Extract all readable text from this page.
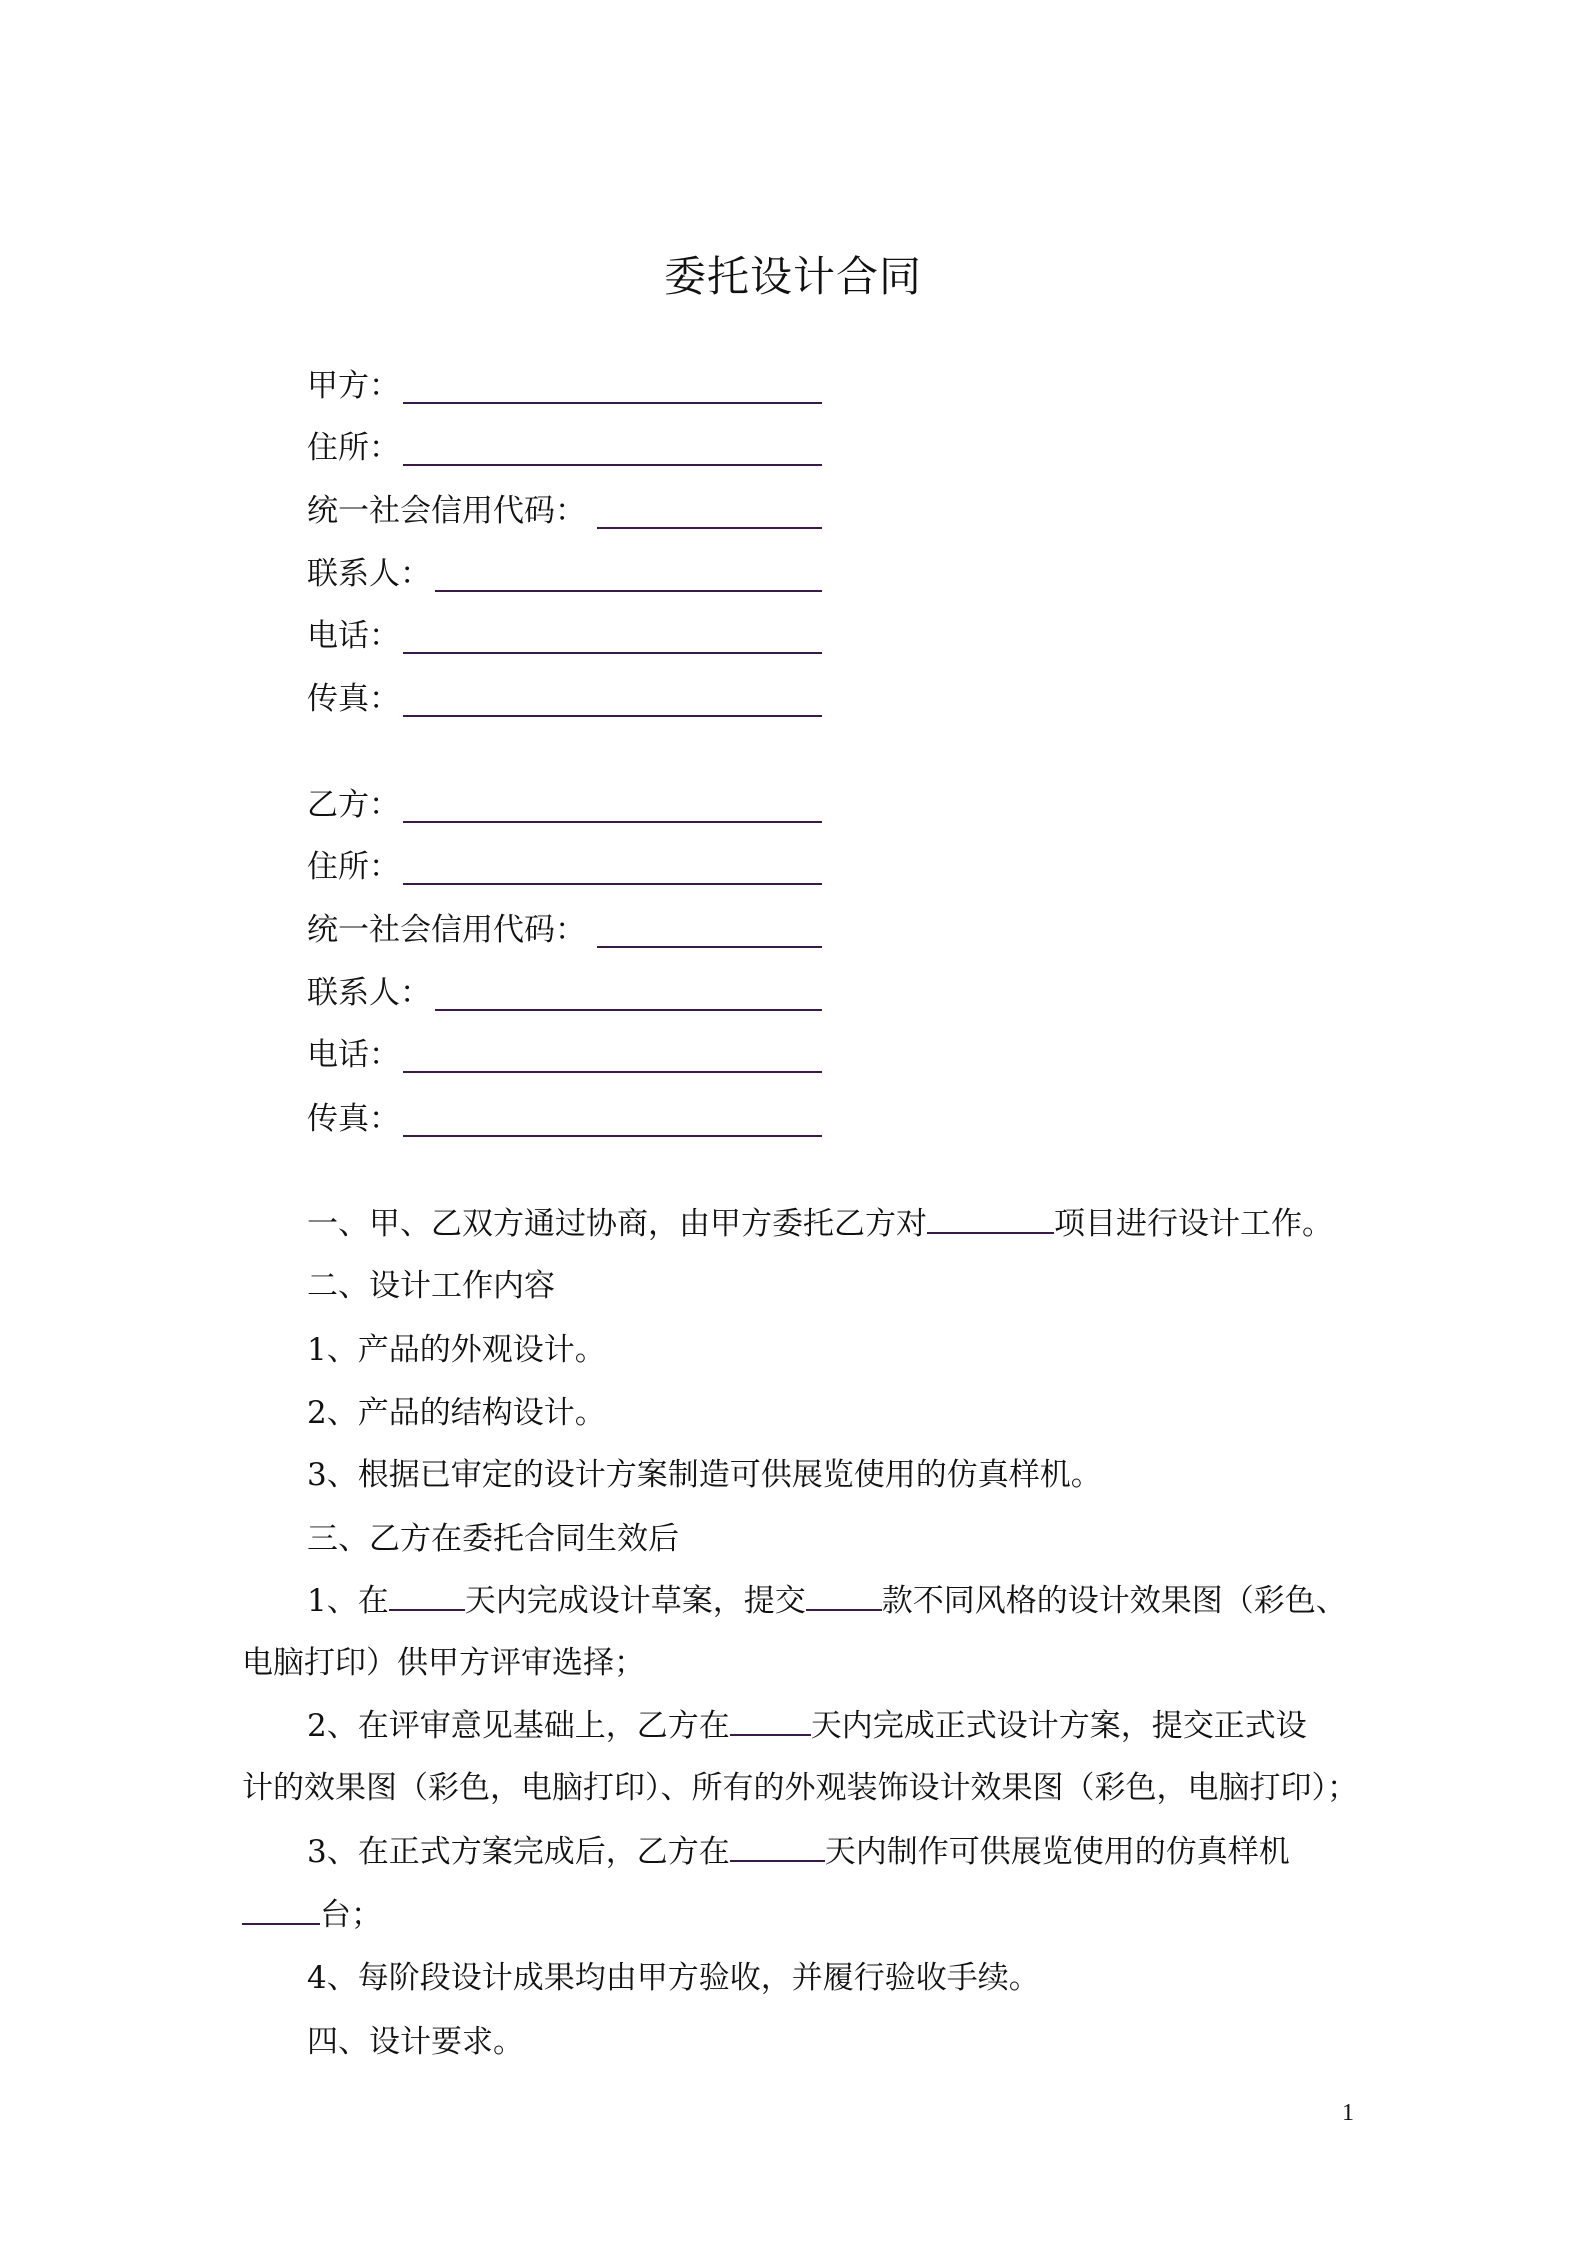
委托设计合同
甲方：
住所：
统一社会信用代码：
联系人：
电话：
传真：
乙方：
住所：
统一社会信用代码：
联系人：
电话：
传真：
一、甲、乙双方通过协商，由甲方委托乙方对	项目进行设计工作。
二、设计工作内容
1、产品的外观设计。
2、产品的结构设计。
3、根据已审定的设计方案制造可供展览使用的仿真样机。
三、乙方在委托合同生效后
1、在 天内完成设计草案，提交 款不同风格的设计效果图（彩色、
电脑打印）供甲方评审选择；
2、在评审意见基础上，乙方在	天内完成正式设计方案，提交正式设
计的效果图（彩色，电脑打印）、所有的外观装饰设计效果图（彩色，电脑打印）；
3、在正式方案完成后，乙方在	天内制作可供展览使用的仿真样机
台；
4、每阶段设计成果均由甲方验收，并履行验收手续。
四、设计要求。
1
